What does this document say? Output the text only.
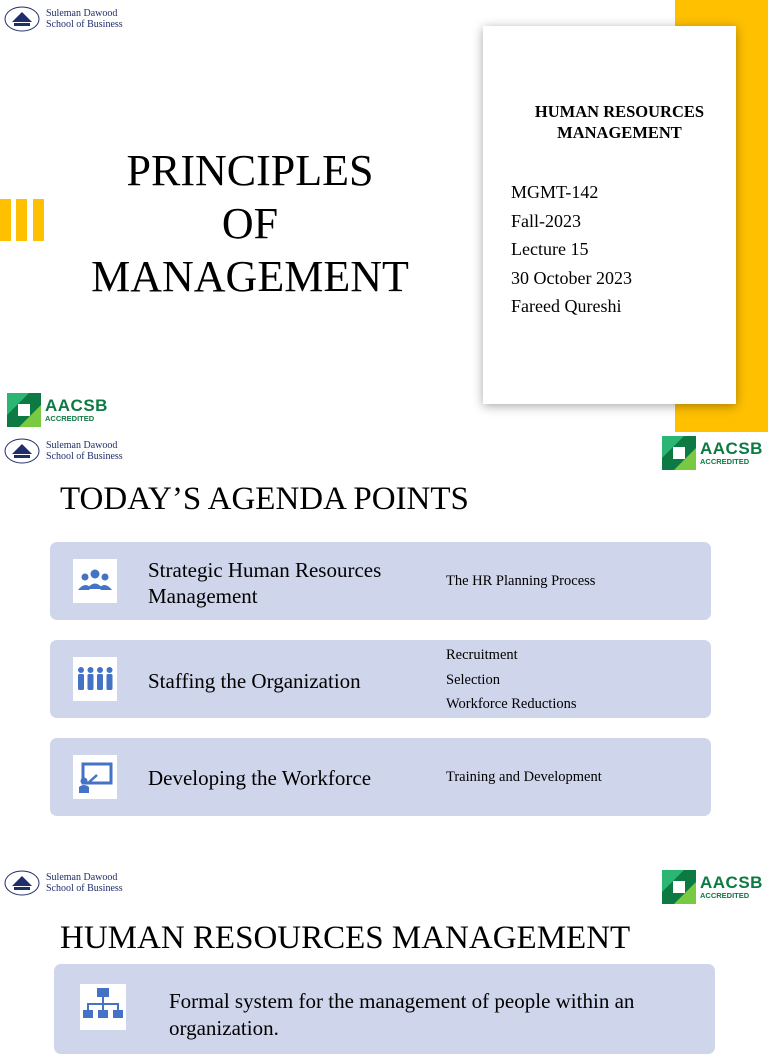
Suleman Dawood
School of Business
PRINCIPLES
OF
MANAGEMENT
HUMAN RESOURCES
MANAGEMENT
MGMT-142
Fall-2023
Lecture 15
30 October 2023
Fareed Qureshi
AACSB
ACCREDITED
Suleman Dawood
School of Business	AACSB
ACCREDITED
TODAY’S AGENDA POINTS
Strategic Human Resources
Management
The HR Planning Process
Staffing the Organization
Recruitment
Selection
Workforce Reductions
Developing the Workforce	Training and Development
Suleman Dawood
School of Business	AACSB
ACCREDITED
HUMAN RESOURCES MANAGEMENT
Formal system for the management of people within an organization.
